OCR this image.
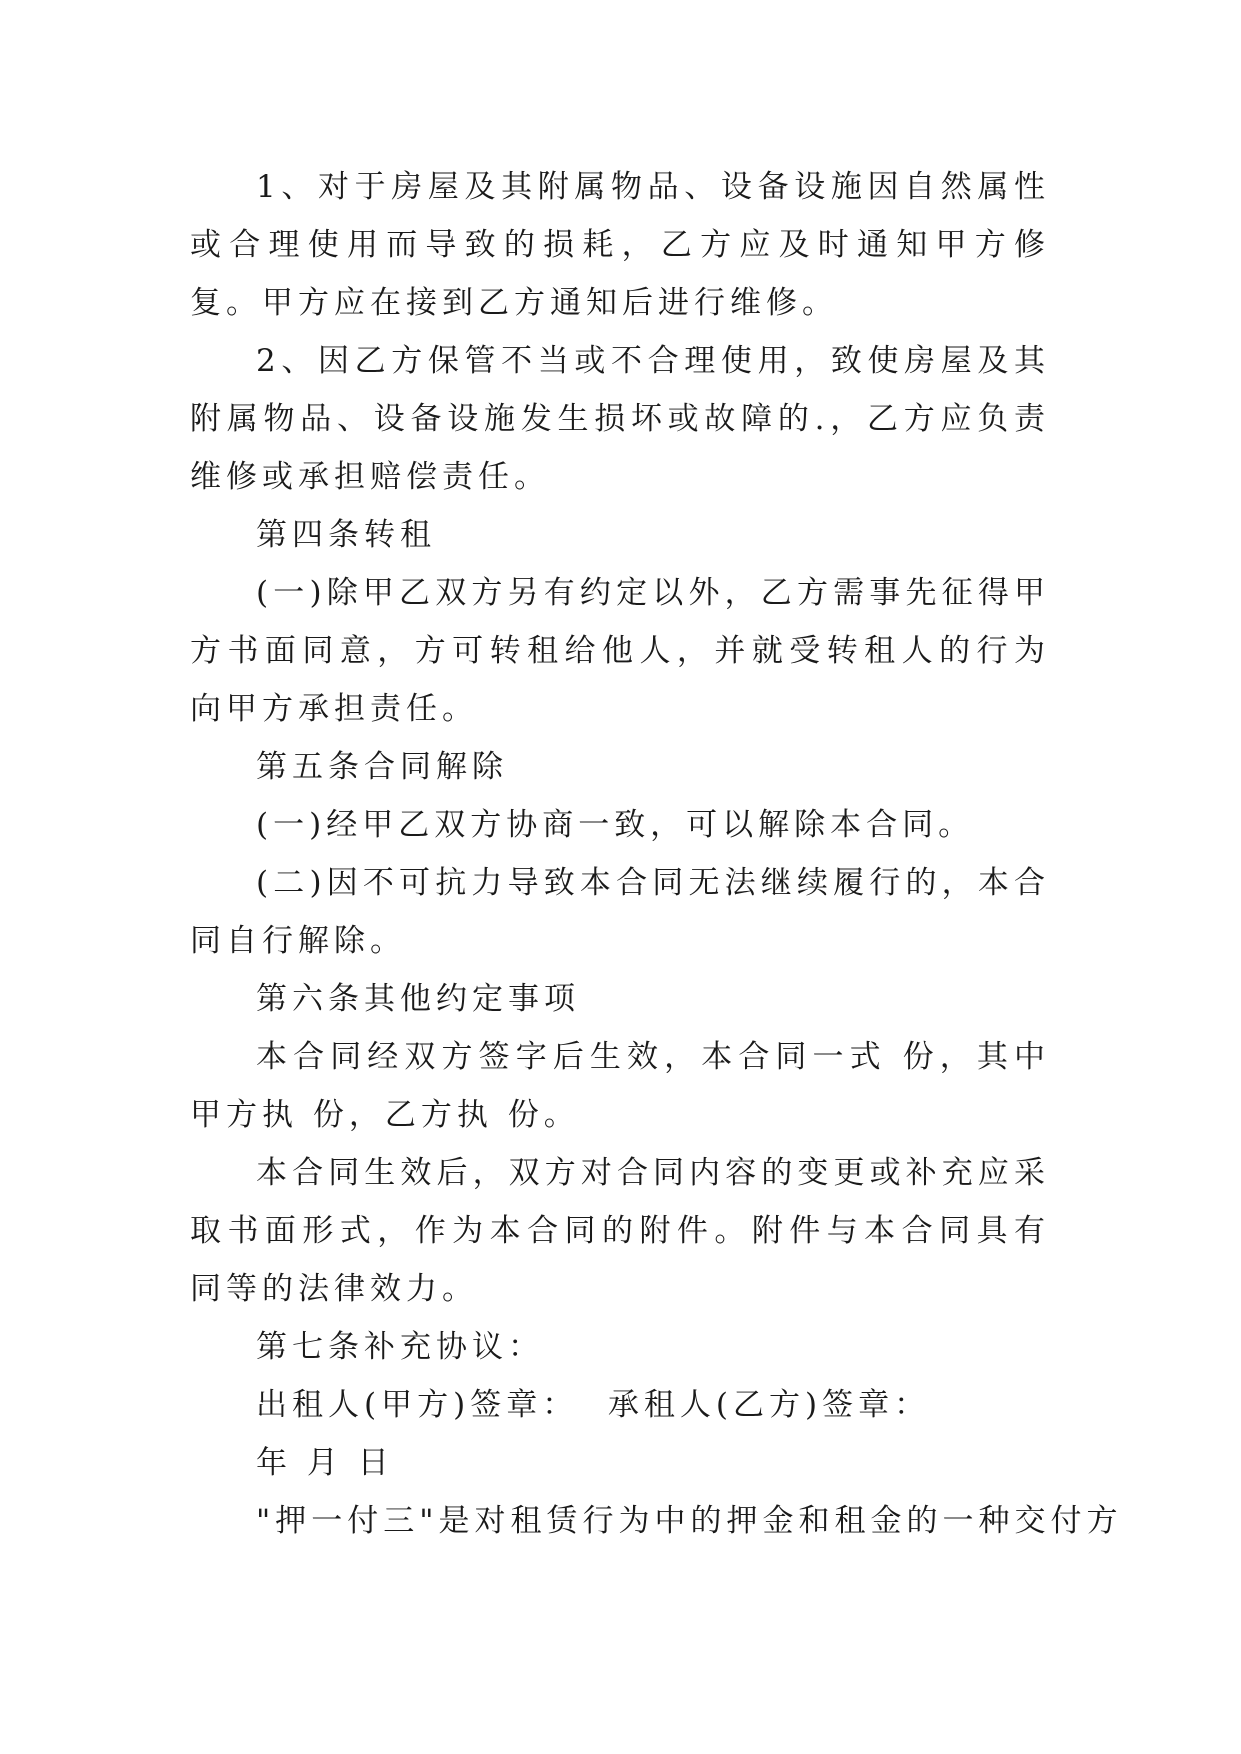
1、对于房屋及其附属物品、设备设施因自然属性或合理使用而导致的损耗，乙方应及时通知甲方修复。甲方应在接到乙方通知后进行维修。

2、因乙方保管不当或不合理使用，致使房屋及其附属物品、设备设施发生损坏或故障的.，乙方应负责维修或承担赔偿责任。

第四条转租

(一)除甲乙双方另有约定以外，乙方需事先征得甲方书面同意，方可转租给他人，并就受转租人的行为向甲方承担责任。

第五条合同解除

(一)经甲乙双方协商一致，可以解除本合同。

(二)因不可抗力导致本合同无法继续履行的，本合同自行解除。

第六条其他约定事项

本合同经双方签字后生效，本合同一式 份，其中甲方执 份，乙方执 份。

本合同生效后，双方对合同内容的变更或补充应采取书面形式，作为本合同的附件。附件与本合同具有同等的法律效力。

第七条补充协议：

出租人(甲方)签章：  承租人(乙方)签章：

年 月 日

"押一付三"是对租赁行为中的押金和租金的一种交付方
